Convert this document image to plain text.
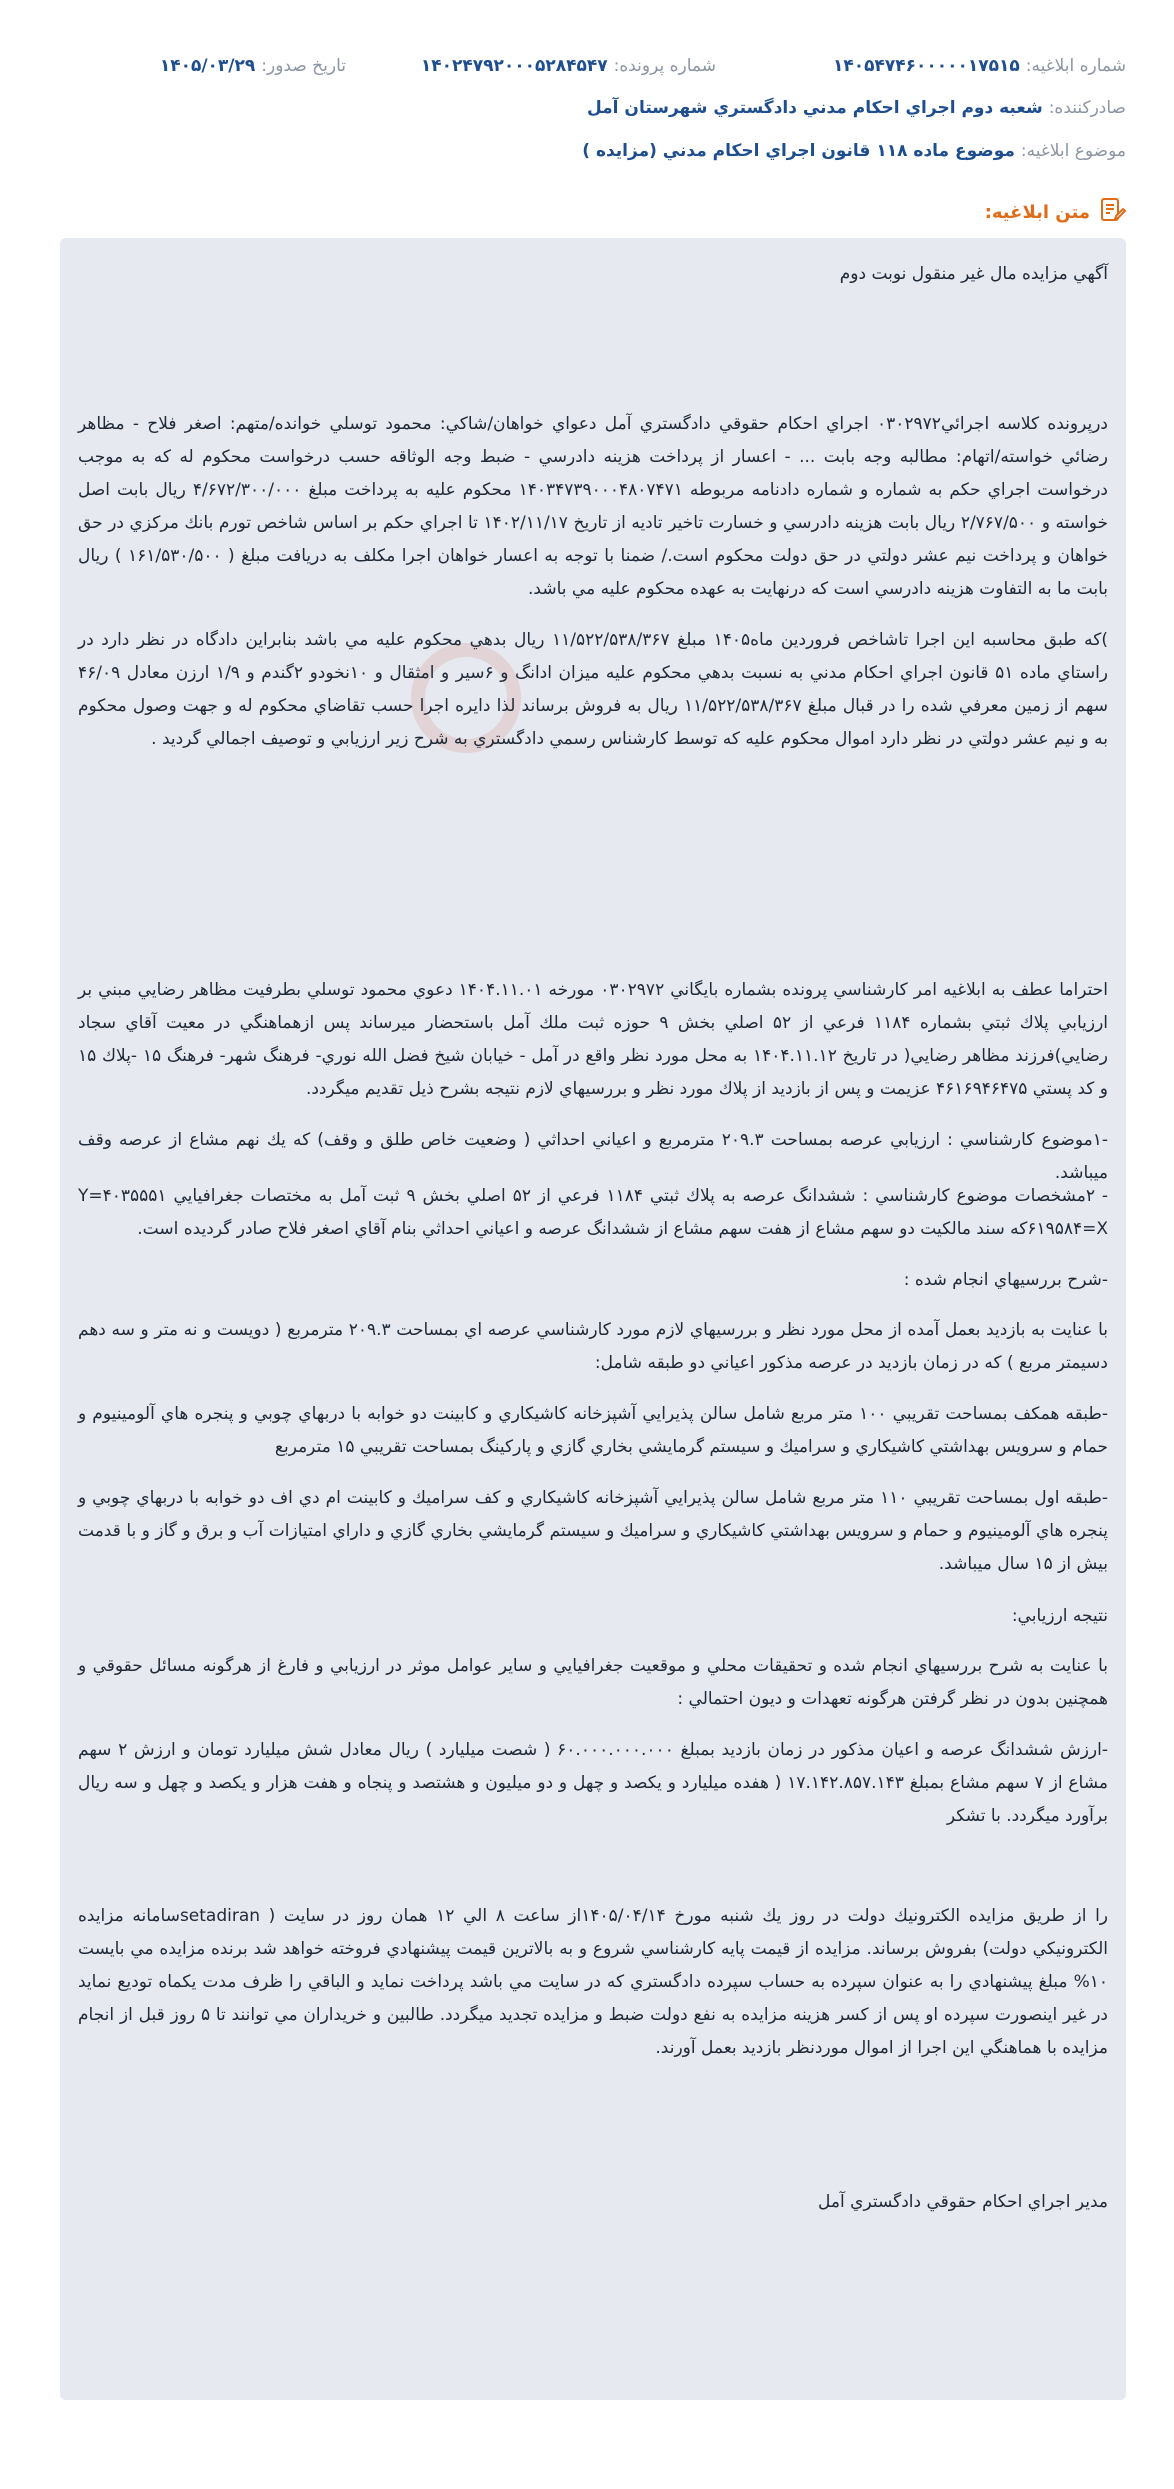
شماره ابلاغیه:
۱۴۰۵۴۷۴۶۰۰۰۰۰۱۷۵۱۵
شماره پرونده:
۱۴۰۲۴۷۹۲۰۰۰۵۲۸۴۵۴۷
تاریخ صدور:
۱۴۰۵/۰۳/۲۹
صادرکننده:
شعبه دوم اجراي احكام مدني دادگستري شهرستان آمل
موضوع ابلاغیه:
موضوع ماده ۱۱۸ قانون اجراي احكام مدني (مزايده )
متن ابلاغیه:
آگهي مزايده مال غير منقول نوبت دوم
درپرونده كلاسه اجرائي۰۳۰۲۹۷۲ اجراي احكام حقوقي دادگستري آمل دعواي خواهان/شاكي: محمود توسلي خوانده/متهم: اصغر فلاح - مظاهر رضائي خواسته/اتهام: مطالبه وجه بابت ... - اعسار از پرداخت هزينه دادرسي - ضبط وجه الوثاقه حسب درخواست محكوم له كه به موجب درخواست اجراي حكم به شماره و شماره دادنامه مربوطه ۱۴۰۳۴۷۳۹۰۰۰۴۸۰۷۴۷۱ محكوم عليه به پرداخت مبلغ ۴/۶۷۲/۳۰۰/۰۰۰ ريال بابت اصل خواسته و ۲/۷۶۷/۵۰۰ ريال بابت هزينه دادرسي و خسارت تاخير تاديه از تاريخ ۱۴۰۲/۱۱/۱۷ تا اجراي حكم بر اساس شاخص تورم بانك مركزي در حق خواهان و پرداخت نيم عشر دولتي در حق دولت محكوم است./ ضمنا با توجه به اعسار خواهان اجرا مكلف به دريافت مبلغ ( ۱۶۱/۵۳۰/۵۰۰ ) ريال بابت ما به التفاوت هزينه دادرسي است كه درنهايت به عهده محكوم عليه مي باشد.
)كه طبق محاسبه اين اجرا تاشاخص فروردين ماه۱۴۰۵ مبلغ ۱۱/۵۲۲/۵۳۸/۳۶۷ ريال بدهي محكوم عليه مي باشد بنابراين دادگاه در نظر دارد در راستاي ماده ۵۱ قانون اجراي احكام مدني به نسبت بدهي محكوم عليه ميزان ادانگ و ۶سير و امثقال و ۱۰نخودو ۲گندم و ۱/۹ ارزن معادل ۴۶/۰۹ سهم از زمين معرفي شده را در قبال مبلغ ۱۱/۵۲۲/۵۳۸/۳۶۷ ريال به فروش برساند لذا دايره اجرا حسب تقاضاي محكوم له و جهت وصول محكوم به و نيم عشر دولتي در نظر دارد اموال محكوم عليه كه توسط كارشناس رسمي دادگستري به شرح زير ارزيابي و توصيف اجمالي گرديد .
احتراما عطف به ابلاغيه امر كارشناسي پرونده بشماره بايگاني ۰۳۰۲۹۷۲ مورخه ۱۴۰۴.۱۱.۰۱ دعوي محمود توسلي بطرفيت مظاهر رضايي مبني بر ارزيابي پلاك ثبتي بشماره ۱۱۸۴ فرعي از ۵۲ اصلي بخش ۹ حوزه ثبت ملك آمل باستحضار ميرساند پس ازهماهنگي در معيت آقاي سجاد رضايي)فرزند مظاهر رضايي( در تاريخ ۱۴۰۴.۱۱.۱۲ به محل مورد نظر واقع در آمل - خيابان شيخ فضل الله نوري- فرهنگ شهر- فرهنگ ۱۵ -پلاك ۱۵ و كد پستي ۴۶۱۶۹۴۶۴۷۵ عزيمت و پس از بازديد از پلاك مورد نظر و بررسيهاي لازم نتيجه بشرح ذيل تقديم ميگردد.
-۱موضوع كارشناسي : ارزيابي عرصه بمساحت ۲۰۹.۳ مترمربع و اعياني احداثي ( وضعيت خاص طلق و وقف) كه يك نهم مشاع از عرصه وقف ميباشد.
- ۲مشخصات موضوع كارشناسي : ششدانگ عرصه به پلاك ثبتي ۱۱۸۴ فرعي از ۵۲ اصلي بخش ۹ ثبت آمل به مختصات جغرافيايي Y=۴۰۳۵۵۵۱ ۶۱۹۵۸۴=Xكه سند مالكيت دو سهم مشاع از هفت سهم مشاع از ششدانگ عرصه و اعياني احداثي بنام آقاي اصغر فلاح صادر گرديده است.
-شرح بررسيهاي انجام شده :
با عنايت به بازديد بعمل آمده از محل مورد نظر و بررسيهاي لازم مورد كارشناسي عرصه اي بمساحت ۲۰۹.۳ مترمربع ( دويست و نه متر و سه دهم دسيمتر مربع ) كه در زمان بازديد در عرصه مذكور اعياني دو طبقه شامل:
-طبقه همكف بمساحت تقريبي ۱۰۰ متر مربع شامل سالن پذيرايي آشپزخانه كاشيكاري و كابينت دو خوابه با دربهاي چوبي و پنجره هاي آلومينيوم و حمام و سرويس بهداشتي كاشيكاري و سراميك و سيستم گرمايشي بخاري گازي و پاركينگ بمساحت تقريبي ۱۵ مترمربع
-طبقه اول بمساحت تقريبي ۱۱۰ متر مربع شامل سالن پذيرايي آشپزخانه كاشيكاري و كف سراميك و كابينت ام دي اف دو خوابه با دربهاي چوبي و پنجره هاي آلومينيوم و حمام و سرويس بهداشتي كاشيكاري و سراميك و سيستم گرمايشي بخاري گازي و داراي امتيازات آب و برق و گاز و با قدمت بيش از ۱۵ سال ميباشد.
نتيجه ارزيابي:
با عنايت به شرح بررسيهاي انجام شده و تحقيقات محلي و موقعيت جغرافيايي و ساير عوامل موثر در ارزيابي و فارغ از هرگونه مسائل حقوقي و همچنين بدون در نظر گرفتن هرگونه تعهدات و ديون احتمالي :
-ارزش ششدانگ عرصه و اعيان مذكور در زمان بازديد بمبلغ ۶۰.۰۰۰.۰۰۰.۰۰۰ ( شصت ميليارد ) ريال معادل شش ميليارد تومان و ارزش ۲ سهم مشاع از ۷ سهم مشاع بمبلغ ۱۷.۱۴۲.۸۵۷.۱۴۳ ( هفده ميليارد و يكصد و چهل و دو ميليون و هشتصد و پنجاه و هفت هزار و يكصد و چهل و سه ريال برآورد ميگردد. با تشكر
را از طريق مزايده الكترونيك دولت در روز يك شنبه مورخ ۱۴۰۵/۰۴/۱۴از ساعت ۸ الي ۱۲ همان روز در سايت ( setadiranسامانه مزايده الكترونيكي دولت) بفروش برساند. مزايده از قيمت پايه كارشناسي شروع و به بالاترين قيمت پيشنهادي فروخته خواهد شد برنده مزايده مي بايست ۱۰% مبلغ پيشنهادي را به عنوان سپرده به حساب سپرده دادگستري كه در سايت مي باشد پرداخت نمايد و الباقي را ظرف مدت يكماه توديع نمايد در غير اينصورت سپرده او پس از كسر هزينه مزايده به نفع دولت ضبط و مزايده تجديد ميگردد. طالبين و خريداران مي توانند تا ۵ روز قبل از انجام مزايده با هماهنگي اين اجرا از اموال موردنظر بازديد بعمل آورند.
مدير اجراي احكام حقوقي دادگستري آمل
